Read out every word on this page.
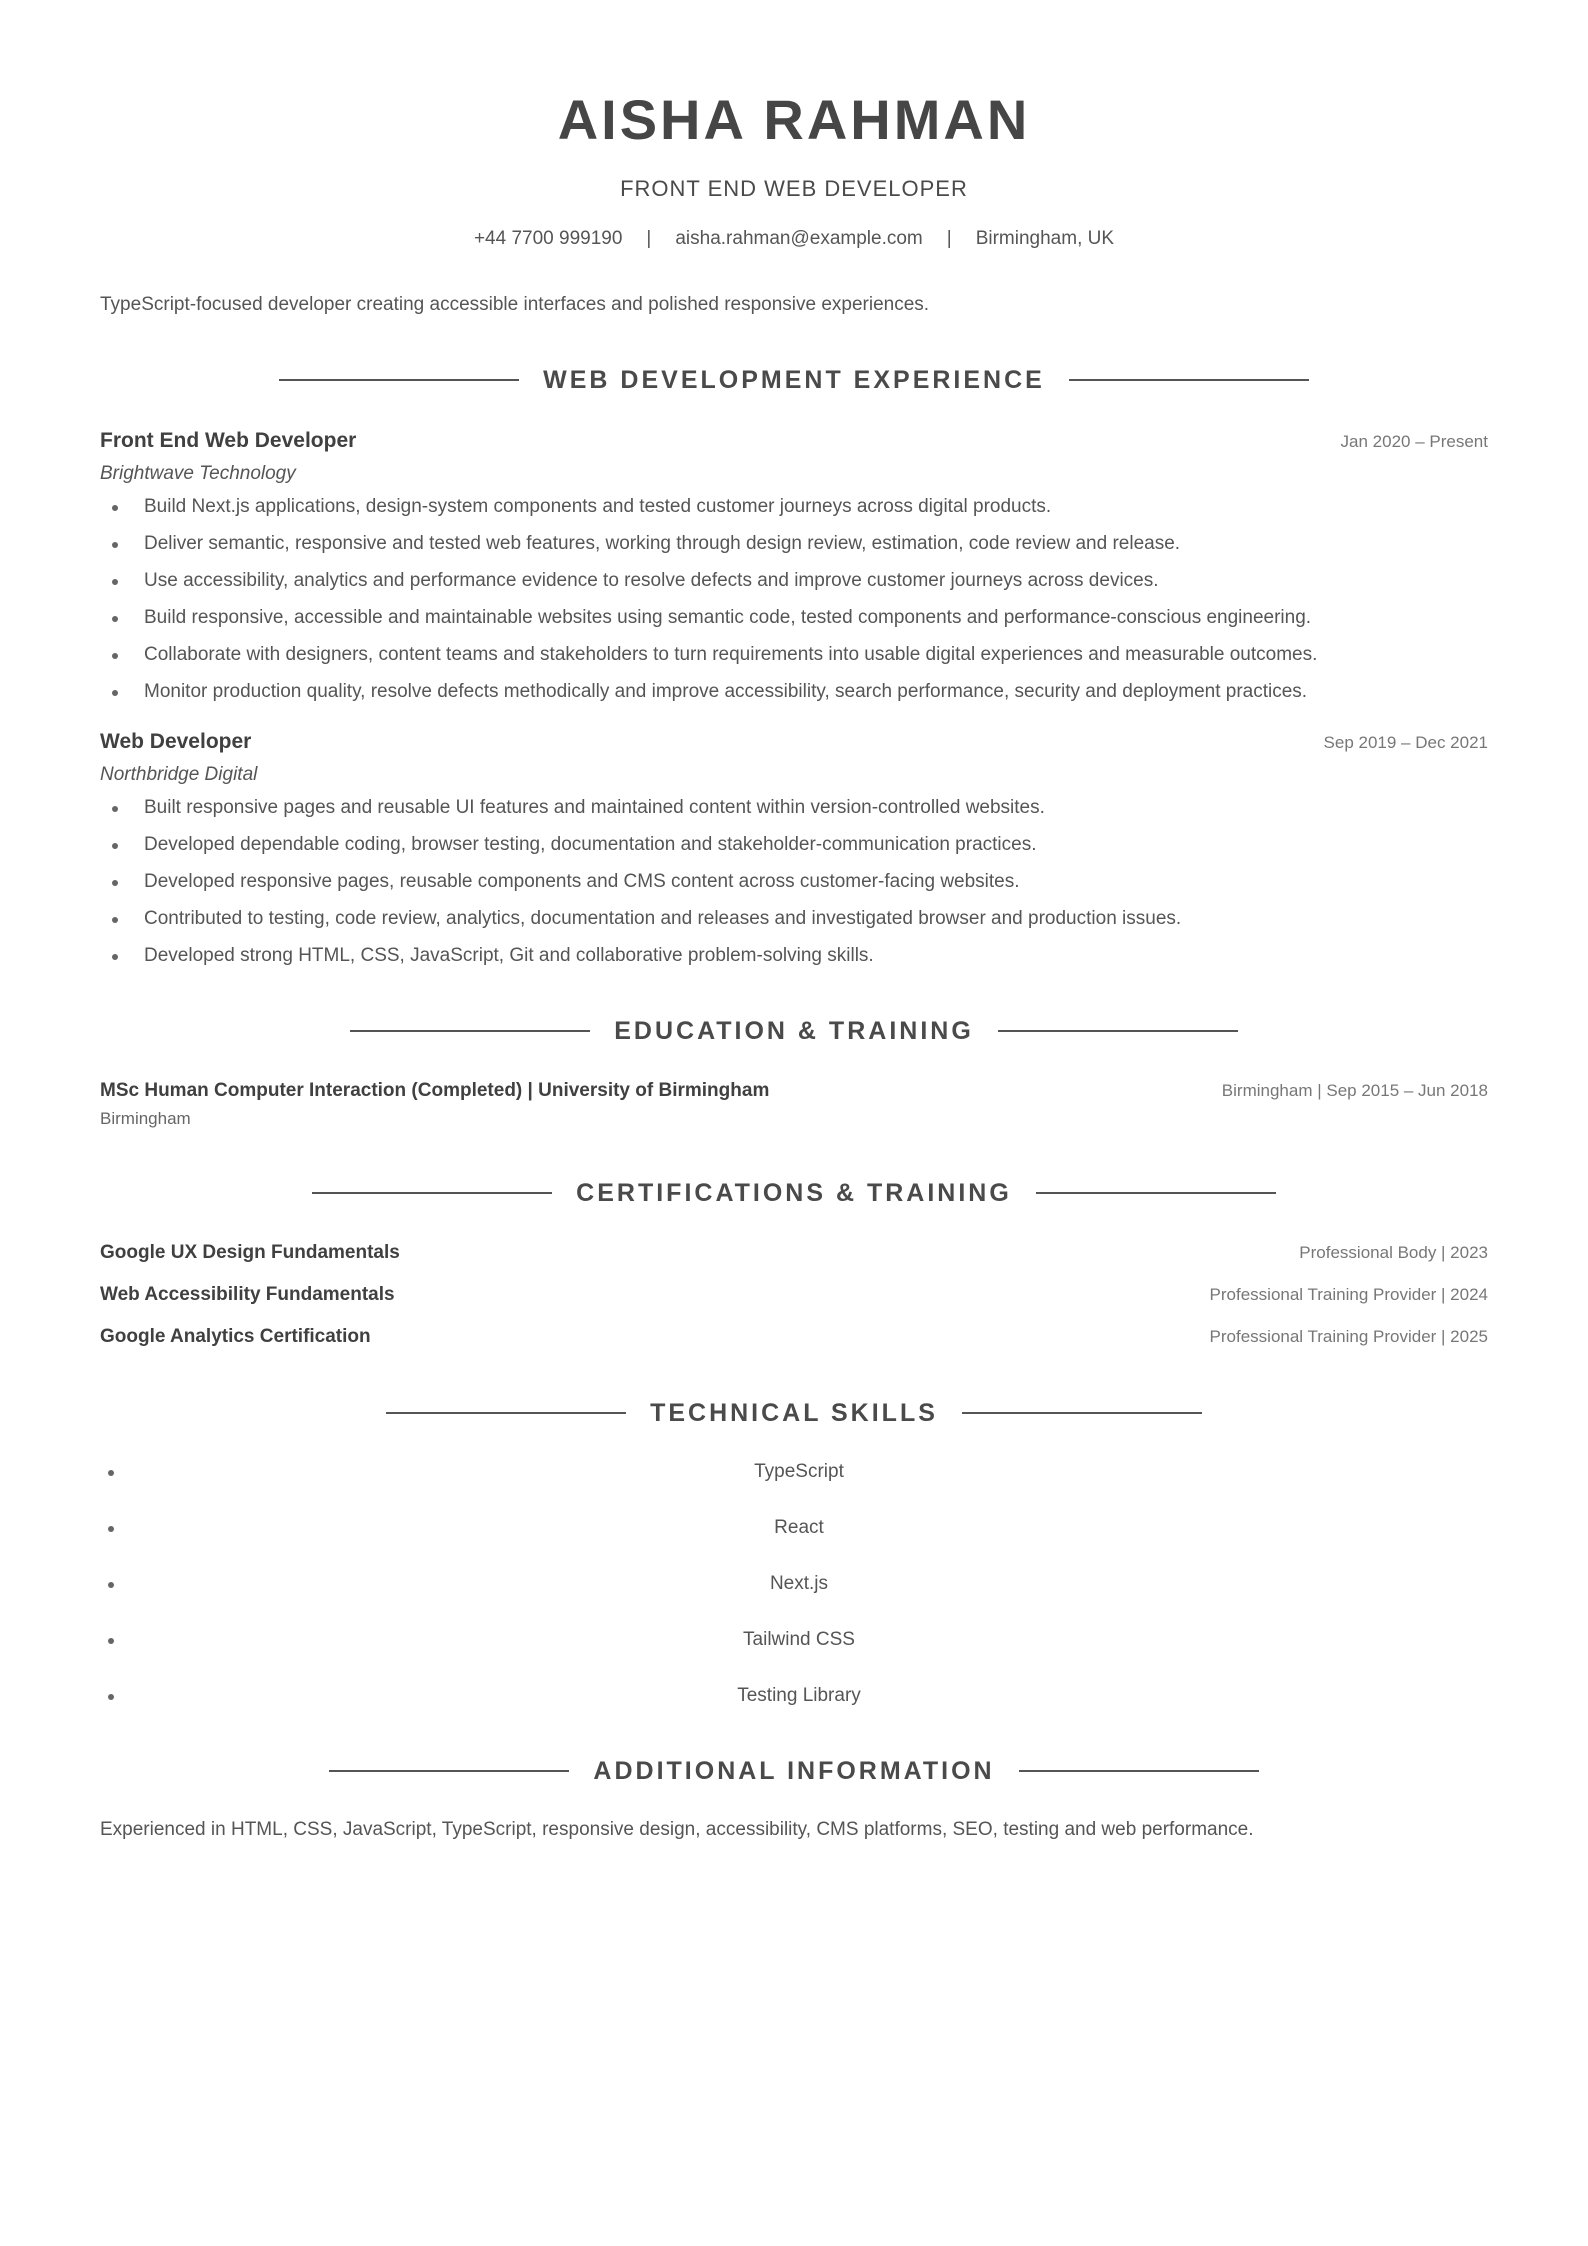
AISHA RAHMAN
FRONT END WEB DEVELOPER
+44 7700 999190 | aisha.rahman@example.com | Birmingham, UK
TypeScript-focused developer creating accessible interfaces and polished responsive experiences.
WEB DEVELOPMENT EXPERIENCE
Front End Web Developer	Jan 2020 – Present
Brightwave Technology
Build Next.js applications, design-system components and tested customer journeys across digital products.
Deliver semantic, responsive and tested web features, working through design review, estimation, code review and release.
Use accessibility, analytics and performance evidence to resolve defects and improve customer journeys across devices.
Build responsive, accessible and maintainable websites using semantic code, tested components and performance-conscious engineering.
Collaborate with designers, content teams and stakeholders to turn requirements into usable digital experiences and measurable outcomes.
Monitor production quality, resolve defects methodically and improve accessibility, search performance, security and deployment practices.
Web Developer	Sep 2019 – Dec 2021
Northbridge Digital
Built responsive pages and reusable UI features and maintained content within version-controlled websites.
Developed dependable coding, browser testing, documentation and stakeholder-communication practices.
Developed responsive pages, reusable components and CMS content across customer-facing websites.
Contributed to testing, code review, analytics, documentation and releases and investigated browser and production issues.
Developed strong HTML, CSS, JavaScript, Git and collaborative problem-solving skills.
EDUCATION & TRAINING
MSc Human Computer Interaction (Completed) | University of Birmingham	Birmingham | Sep 2015 – Jun 2018
Birmingham
CERTIFICATIONS & TRAINING
Google UX Design Fundamentals	Professional Body | 2023
Web Accessibility Fundamentals	Professional Training Provider | 2024
Google Analytics Certification	Professional Training Provider | 2025
TECHNICAL SKILLS
TypeScript
React
Next.js
Tailwind CSS
Testing Library
ADDITIONAL INFORMATION
Experienced in HTML, CSS, JavaScript, TypeScript, responsive design, accessibility, CMS platforms, SEO, testing and web performance.
